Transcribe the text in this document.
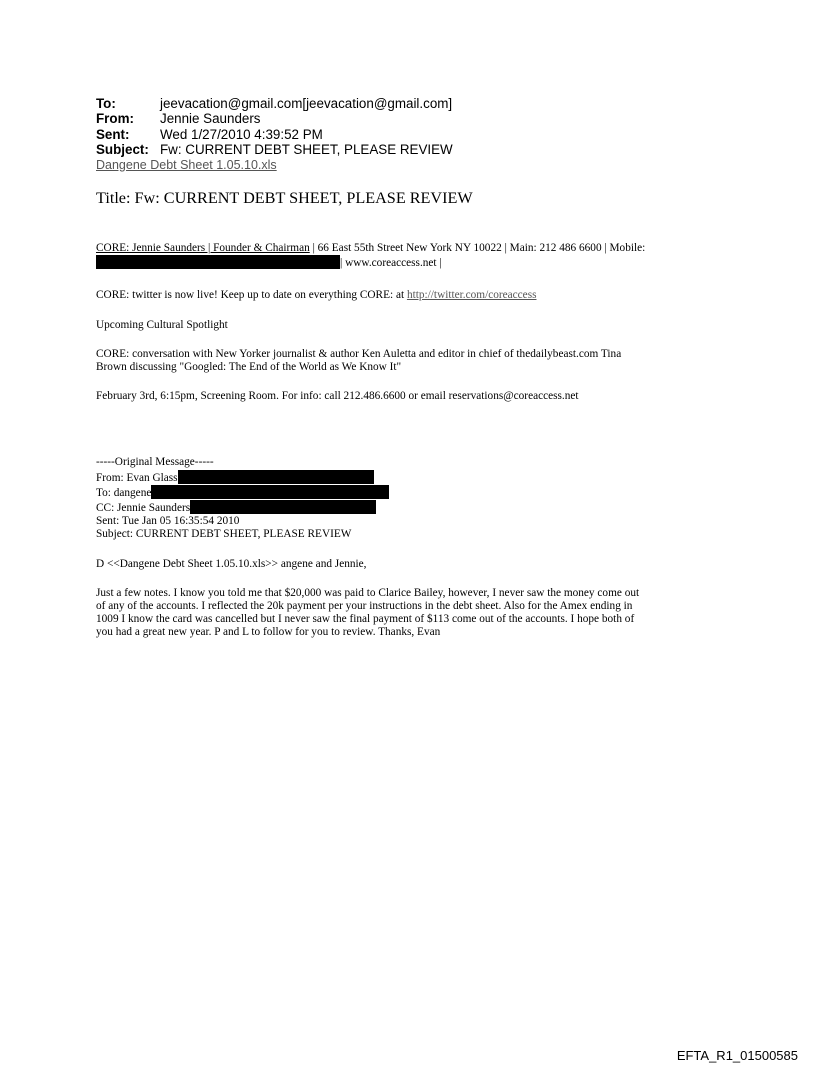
To:	jeevacation@gmail.com[jeevacation@gmail.com]
From: Jennie Saunders
Sent: Wed 1/27/2010 4:39:52 PM
Subject: Fw: CURRENT DEBT SHEET, PLEASE REVIEW
Dangene Debt Sheet 1.05.10.xls
Title: Fw: CURRENT DEBT SHEET, PLEASE REVIEW

CORE: Jennie Saunders | Founder & Chairman | 66 East 55th Street New York NY 10022 | Main: 212 486 6600 | Mobile:

| www.coreaccess.net |

CORE: twitter is now live! Keep up to date on everything CORE: at http://twitter.com/coreaccess

Upcoming Cultural Spotlight

CORE: conversation with New Yorker journalist & author Ken Auletta and editor in chief of thedailybeast.com Tina

Brown discussing "Googled: The End of the World as We Know It"

February 3rd, 6:15pm, Screening Room. For info: call 212.486.6600 or email reservations@coreaccess.net

-----Original Message-----

From: Evan Glass

To: dangene

CC: Jennie Saunders

Sent: Tue Jan 05 16:35:54 2010

Subject: CURRENT DEBT SHEET, PLEASE REVIEW

D <<Dangene Debt Sheet 1.05.10.xls>> angene and Jennie,

Just a few notes. I know you told me that $20,000 was paid to Clarice Bailey, however, I never saw the money come out

of any of the accounts. I reflected the 20k payment per your instructions in the debt sheet. Also for the Amex ending in

1009 I know the card was cancelled but I never saw the final payment of $113 come out of the accounts. I hope both of

you had a great new year. P and L to follow for you to review. Thanks, Evan

EFTA_R1_01500585
